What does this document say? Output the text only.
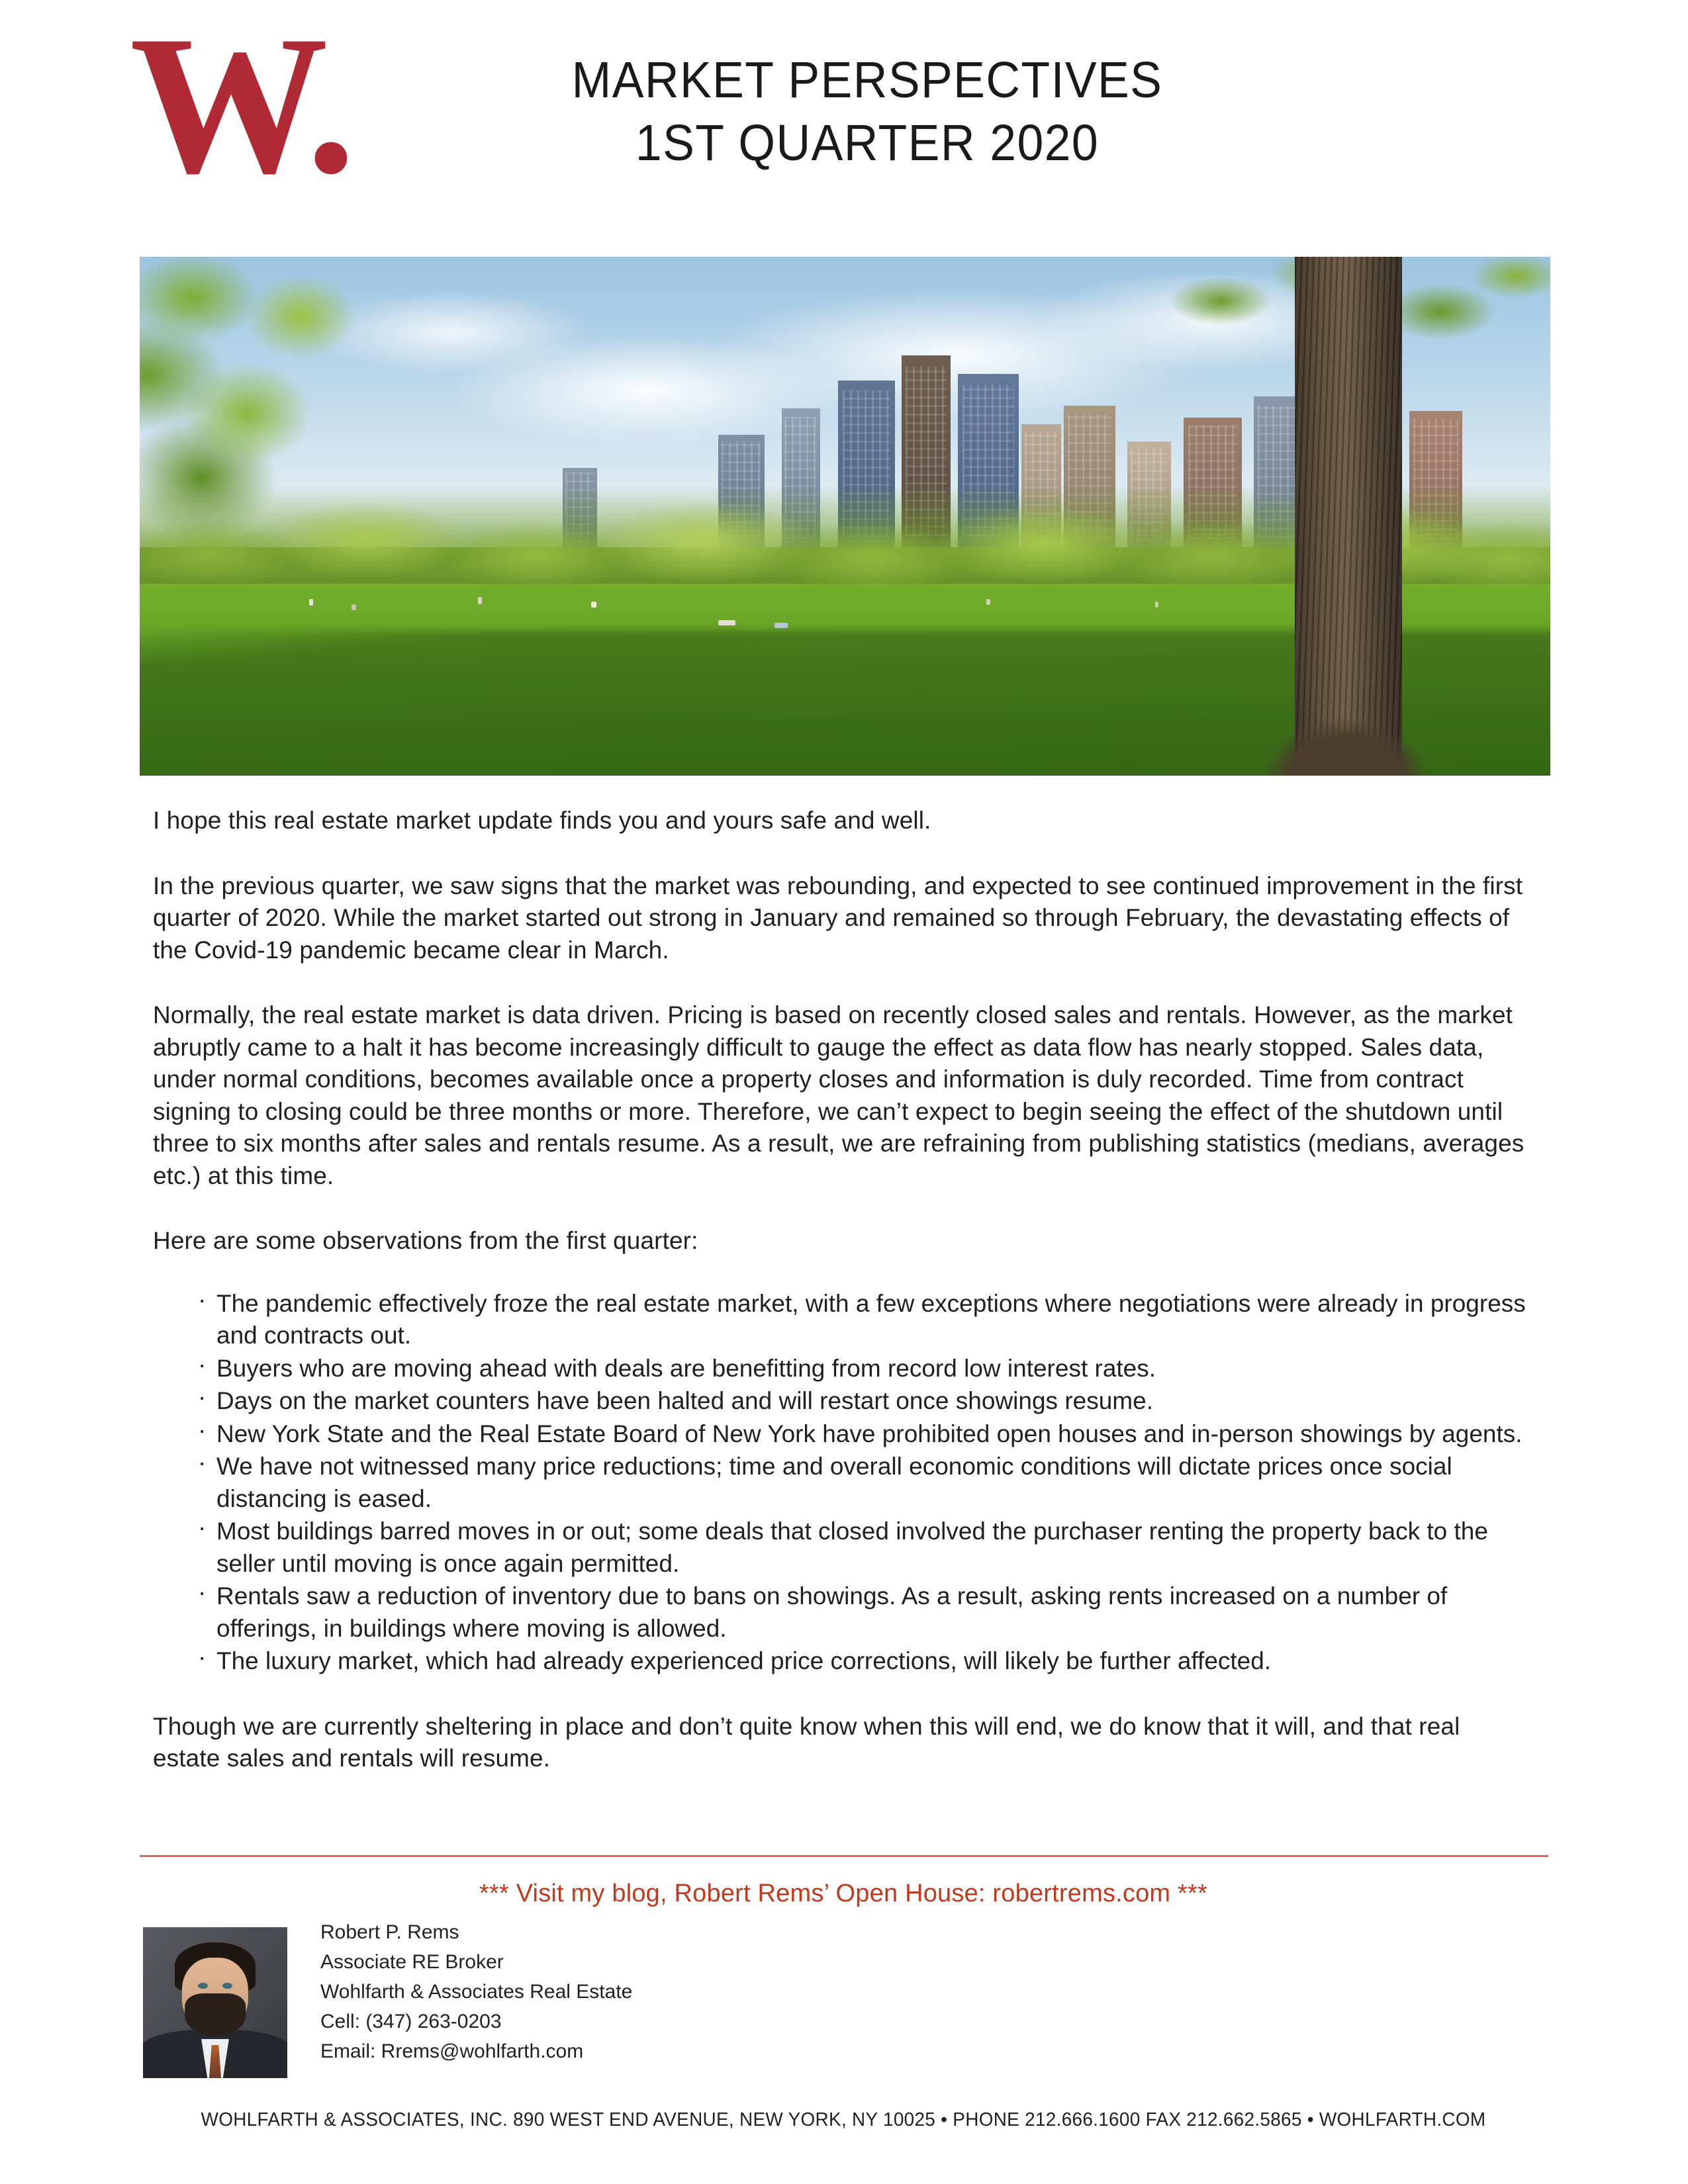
W.	MARKET PERSPECTIVES
1ST QUARTER 2020

I hope this real estate market update finds you and yours safe and well.

In the previous quarter, we saw signs that the market was rebounding, and expected to see continued improvement in the first quarter of 2020. While the market started out strong in January and remained so through February, the devastating effects of the Covid-19 pandemic became clear in March.

Normally, the real estate market is data driven. Pricing is based on recently closed sales and rentals. However, as the market abruptly came to a halt it has become increasingly difficult to gauge the effect as data flow has nearly stopped. Sales data, under normal conditions, becomes available once a property closes and information is duly recorded. Time from contract signing to closing could be three months or more. Therefore, we can’t expect to begin seeing the effect of the shutdown until three to six months after sales and rentals resume. As a result, we are refraining from publishing statistics (medians, averages etc.) at this time.

Here are some observations from the first quarter:

· The pandemic effectively froze the real estate market, with a few exceptions where negotiations were already in progress and contracts out.
· Buyers who are moving ahead with deals are benefitting from record low interest rates.
· Days on the market counters have been halted and will restart once showings resume.
· New York State and the Real Estate Board of New York have prohibited open houses and in-person showings by agents.
· We have not witnessed many price reductions; time and overall economic conditions will dictate prices once social distancing is eased.
· Most buildings barred moves in or out; some deals that closed involved the purchaser renting the property back to the seller until moving is once again permitted.
· Rentals saw a reduction of inventory due to bans on showings. As a result, asking rents increased on a number of offerings, in buildings where moving is allowed.
· The luxury market, which had already experienced price corrections, will likely be further affected.

Though we are currently sheltering in place and don’t quite know when this will end, we do know that it will, and that real estate sales and rentals will resume.

*** Visit my blog, Robert Rems’ Open House: robertrems.com ***
Robert P. Rems
Associate RE Broker
Wohlfarth & Associates Real Estate
Cell: (347) 263-0203
Email: Rrems@wohlfarth.com
WOHLFARTH & ASSOCIATES, INC. 890 WEST END AVENUE, NEW YORK, NY 10025 • PHONE 212.666.1600 FAX 212.662.5865 • WOHLFARTH.COM
